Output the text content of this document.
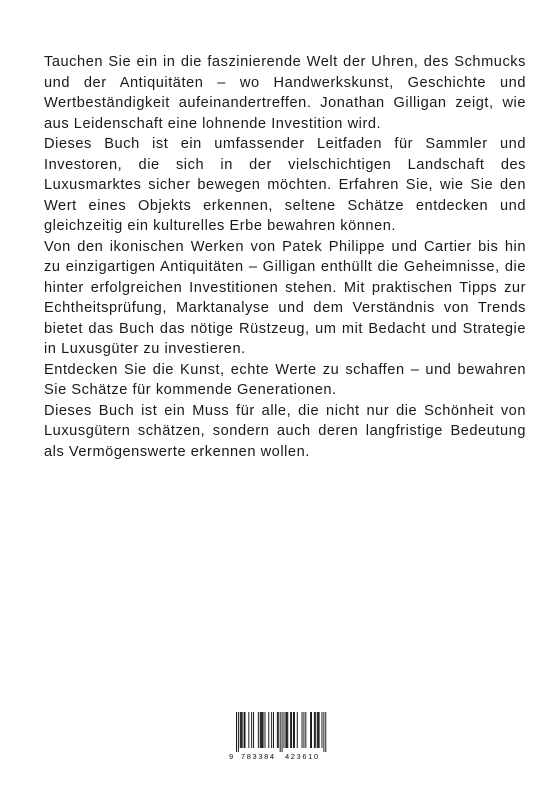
Tauchen Sie ein in die faszinierende Welt der Uhren, des Schmucks und der Antiquitäten – wo Handwerkskunst, Geschichte und Wertbeständigkeit aufeinandertreffen. Jonathan Gilligan zeigt, wie aus Leidenschaft eine lohnende Investition wird.

Dieses Buch ist ein umfassender Leitfaden für Sammler und Investoren, die sich in der vielschichtigen Landschaft des Luxusmarktes sicher bewegen möchten. Erfahren Sie, wie Sie den Wert eines Objekts erkennen, seltene Schätze entdecken und gleichzeitig ein kulturelles Erbe bewahren können.

Von den ikonischen Werken von Patek Philippe und Cartier bis hin zu einzigartigen Antiquitäten – Gilligan enthüllt die Geheimnisse, die hinter erfolgreichen Investitionen stehen. Mit praktischen Tipps zur Echtheitsprüfung, Marktanalyse und dem Verständnis von Trends bietet das Buch das nötige Rüstzeug, um mit Bedacht und Strategie in Luxusgüter zu investieren.

Entdecken Sie die Kunst, echte Werte zu schaffen – und bewahren Sie Schätze für kommende Generationen.

Dieses Buch ist ein Muss für alle, die nicht nur die Schönheit von Luxusgütern schätzen, sondern auch deren langfristige Bedeutung als Vermögenswerte erkennen wollen.

9 783384 423610
